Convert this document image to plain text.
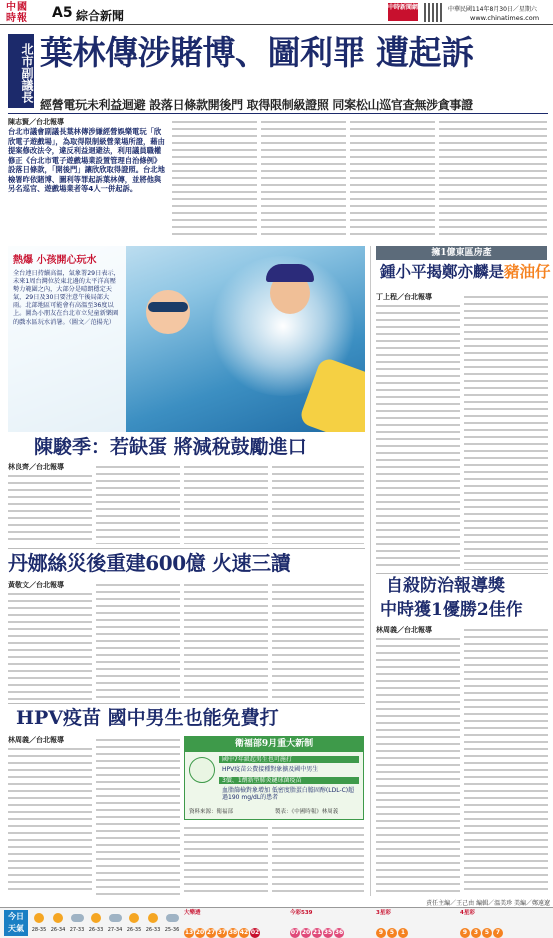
中國時報	A5 綜合新聞
中時新聞網	中華民國114年8月30日／星期六
www.chinatimes.com
北市副議長 葉林傳涉賭博、圖利罪 遭起訴
經營電玩未利益迴避 設落日條款開後門 取得限制級證照 同案松山巡官查無涉貪事證
陳志賢／台北報導
台北市議會副議長葉林傳涉嫌經營娛樂電玩「欣欣電子遊戲場」，為取得限制級營業場所證，藉由提案修改法令，違反利益迴避法，利用議員職權修正《台北市電子遊戲場業設置管理自治條例》設落日條款，「開後門」讓欣欣取得證照。台北地檢署昨依賭博、圖利等罪起訴葉林傳，並將他與另名巡官、遊戲場業者等4人一併起訴。
熱爆 小孩開心玩水
全台連日持續高溫，氣象署29日表示，未來1周台灣位於東北邊的太平洋高壓勢力範圍之內，大部分是晴朗穩定天氣，29日及30日要注意午後局部大雨。北部地區可能會有高溫至36度以上。圖為小朋友在台北市立兒童新樂園的戲水區玩水消暑。（圖文／范揚光）
陳駿季：若缺蛋 將減稅鼓勵進口
林良齊／台北報導
丹娜絲災後重建600億 火速三讀
黃敬文／台北報導
HPV疫苗 國中男生也能免費打
林周義／台北報導	衛福部9月重大新制
國中7年級起男生也可施打
HPV疫苗公費接種對象擴及國中男生
3價、1劑新型肺炎鏈球菌疫苗
血脂篩檢對象增加 低密度脂蛋白膽固醇(LDL-C)超過190 mg/dL的患者
資料來源：衛福部	製表：《中國時報》林周義
擁1億東區房產
鍾小平揭鄭亦麟是豬油仔
丁上程／台北報導
自殺防治報導獎
中時獲1優勝2佳作
林周義／台北報導
責任主編／王己由 編輯／溫美珍 美編／鄭遠遼
今日
天氣	28-35 26-34 27-33 26-33 27-34 26-35 26-33 25-36
大樂透
13 20 27 37 38 42 02
今彩539
07 20 21 35 36
3星彩
9 5 1
4星彩
9 3 5 7
